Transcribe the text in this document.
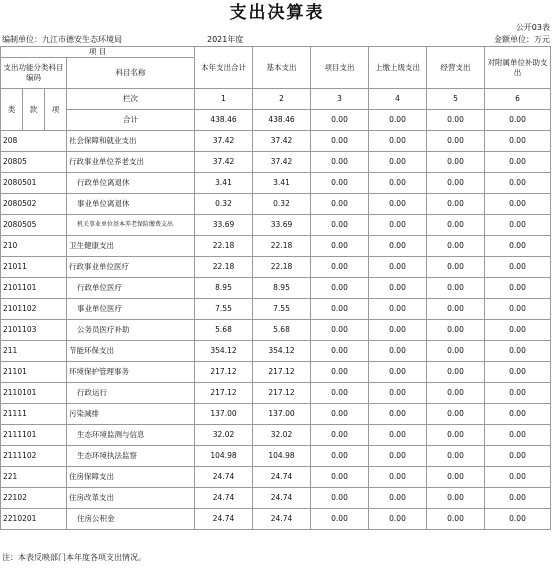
支出决算表
公开03表
编制单位：九江市德安生态环境局	2021年度	金额单位：万元
项 目				本年支出合计	基本支出	项目支出	上缴上级支出	经营支出	对附属单位补助支出
支出功能分类科目编码			科目名称						
类	款	项							
			栏次	1	2	3	4	5	6
			合计	438.46	438.46	0.00	0.00	0.00	0.00
208			社会保障和就业支出	37.42	37.42	0.00	0.00	0.00	0.00
20805			行政事业单位养老支出	37.42	37.42	0.00	0.00	0.00	0.00
2080501			行政单位离退休	3.41	3.41	0.00	0.00	0.00	0.00
2080502			事业单位离退休	0.32	0.32	0.00	0.00	0.00	0.00
2080505			机关事业单位基本养老保险缴费支出	33.69	33.69	0.00	0.00	0.00	0.00
210			卫生健康支出	22.18	22.18	0.00	0.00	0.00	0.00
21011			行政事业单位医疗	22.18	22.18	0.00	0.00	0.00	0.00
2101101			行政单位医疗	8.95	8.95	0.00	0.00	0.00	0.00
2101102			事业单位医疗	7.55	7.55	0.00	0.00	0.00	0.00
2101103			公务员医疗补助	5.68	5.68	0.00	0.00	0.00	0.00
211			节能环保支出	354.12	354.12	0.00	0.00	0.00	0.00
21101			环境保护管理事务	217.12	217.12	0.00	0.00	0.00	0.00
2110101			行政运行	217.12	217.12	0.00	0.00	0.00	0.00
21111			污染减排	137.00	137.00	0.00	0.00	0.00	0.00
2111101			生态环境监测与信息	32.02	32.02	0.00	0.00	0.00	0.00
2111102			生态环境执法监察	104.98	104.98	0.00	0.00	0.00	0.00
221			住房保障支出	24.74	24.74	0.00	0.00	0.00	0.00
22102			住房改革支出	24.74	24.74	0.00	0.00	0.00	0.00
2210201			住房公积金	24.74	24.74	0.00	0.00	0.00	0.00
注：本表反映部门本年度各项支出情况。
